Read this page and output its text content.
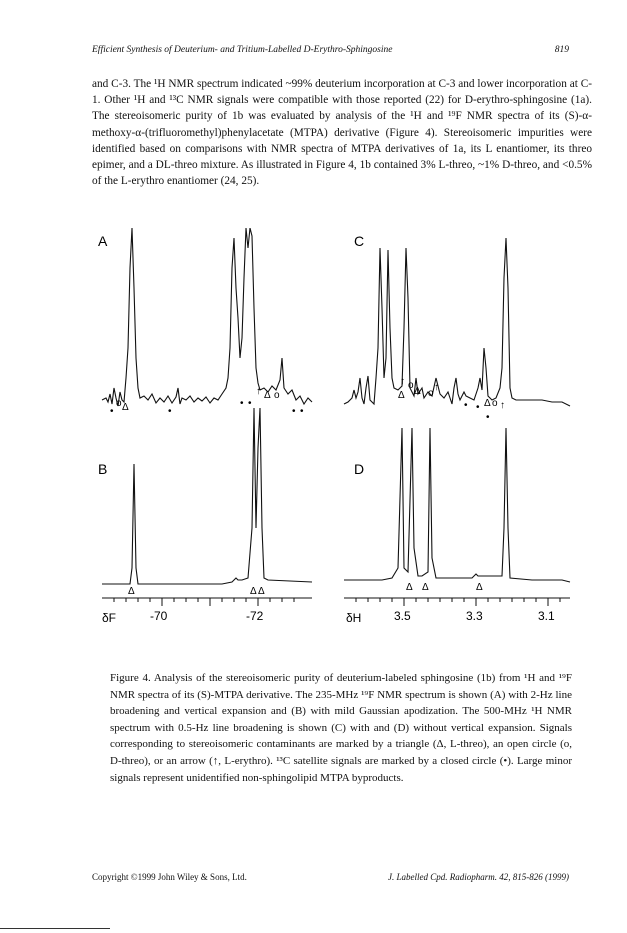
Efficient Synthesis of Deuterium- and Tritium-Labelled D-Erythro-Sphingosine	819

and C-3. The ¹H NMR spectrum indicated ~99% deuterium incorporation at C-3 and lower incorporation at C-1. Other ¹H and ¹³C NMR signals were compatible with those reported (22) for D-erythro-sphingosine (1a). The stereoisomeric purity of 1b was evaluated by analysis of the ¹H and ¹⁹F NMR spectra of its (S)-α-methoxy-α-(trifluoromethyl)phenylacetate (MTPA) derivative (Figure 4). Stereoisomeric impurities were identified based on comparisons with NMR spectra of MTPA derivatives of 1a, its L enantiomer, its threo epimer, and a DL-threo mixture. As illustrated in Figure 4, 1b contained 3% L-threo, ~1% D-threo, and <0.5% of the L-erythro enantiomer (24, 25).

A	C
B	D
•
o Δ	•
• •
↑ Δ o
• •
↑ o
Δ Δ o
↑
• • Δ o ↑
•
Δ	Δ Δ
δF	-70	-72
Δ Δ	Δ
δH	3.5	3.3	3.1

Figure 4. Analysis of the stereoisomeric purity of deuterium-labeled sphingosine (1b) from ¹H and ¹⁹F NMR spectra of its (S)-MTPA derivative. The 235-MHz ¹⁹F NMR spectrum is shown (A) with 2-Hz line broadening and vertical expansion and (B) with mild Gaussian apodization. The 500-MHz ¹H NMR spectrum with 0.5-Hz line broadening is shown (C) with and (D) without vertical expansion. Signals corresponding to stereoisomeric contaminants are marked by a triangle (Δ, L-threo), an open circle (o, D-threo), or an arrow (↑, L-erythro). ¹³C satellite signals are marked by a closed circle (•). Large minor signals represent unidentified non-sphingolipid MTPA byproducts.

Copyright ©1999 John Wiley & Sons, Ltd.	J. Labelled Cpd. Radiopharm. 42, 815-826 (1999)
